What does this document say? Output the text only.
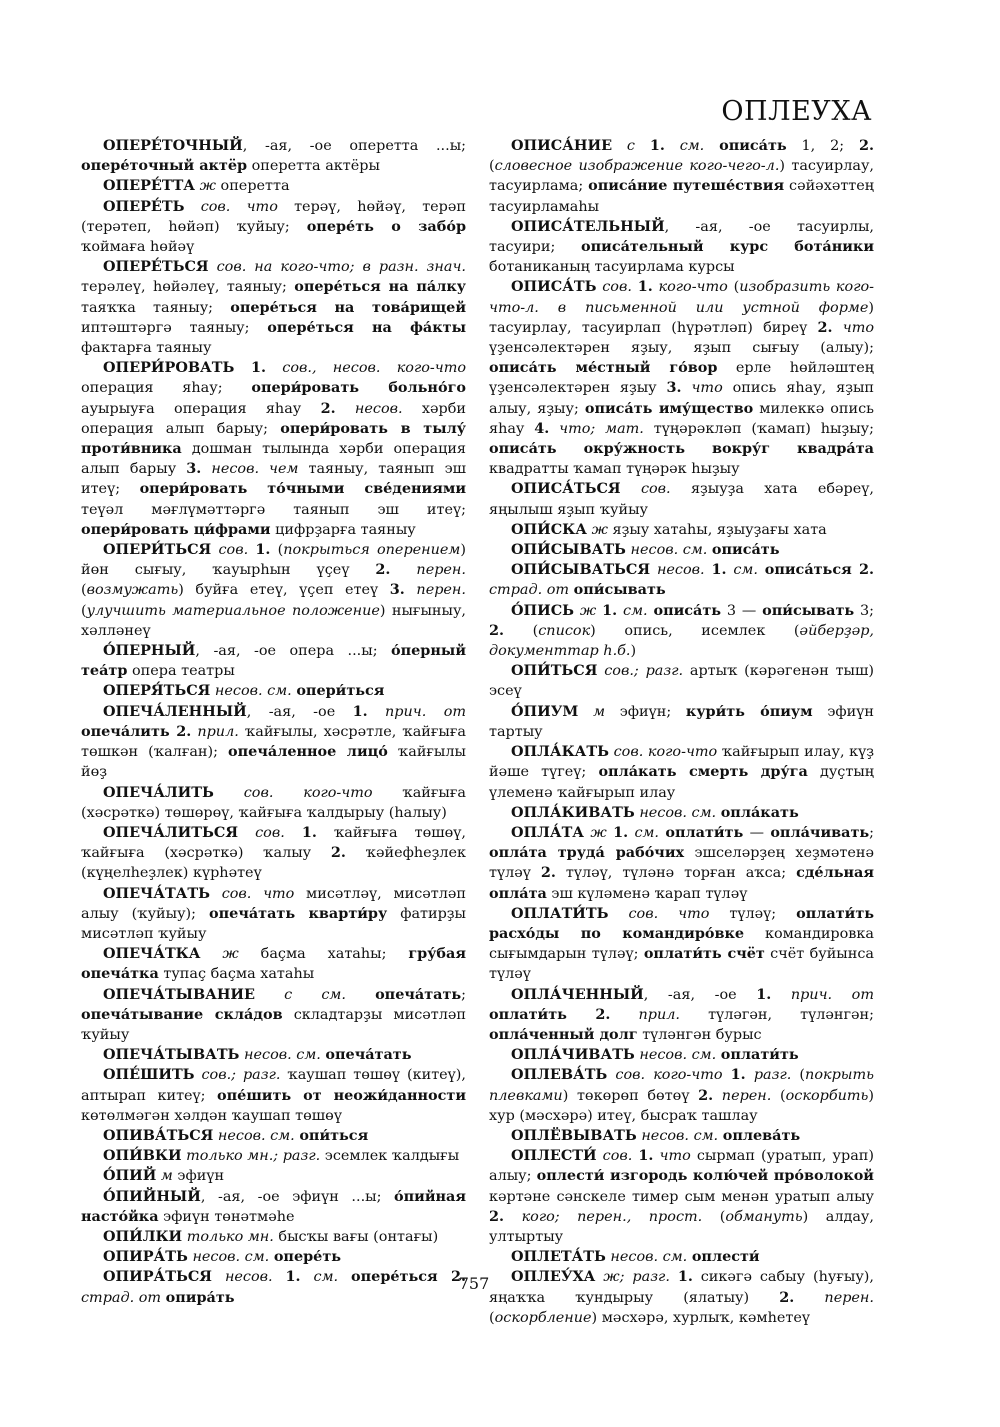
ОПЛЕУХА

ОПЕРЕ́ТОЧНЫЙ, -ая, -ое оперетта ...ы; опере́точный актёр оперетта актёры

ОПЕРЕ́ТТА ж оперетта

ОПЕРЕ́ТЬ сов. что терәү, һөйәү, терәп (терәтеп, һөйәп) ҡуйыу; опере́ть о забо́р ҡоймаға һөйәү

ОПЕРЕ́ТЬСЯ сов. на кого-что; в разн. знач. терәлеү, һөйәлеү, таяныу; опере́ться на па́лку таяҡҡа таяныу; опере́ться на това́рищей иптәштәргә таяныу; опере́ться на фа́кты фактарға таяныу

ОПЕРИ́РОВАТЬ 1. сов., несов. кого-что операция яһау; опери́ровать больно́го ауырыуға операция яһау 2. несов. хәрби операция алып барыу; опери́ровать в тылу́ проти́вника дошман тылында хәрби операция алып барыу 3. несов. чем таяныу, таянып эш итеү; опери́ровать то́чными све́дениями теүәл мәғлүмәттәргә таянып эш итеү; опери́ровать ци́фрами цифрҙарға таяныу

ОПЕРИ́ТЬСЯ сов. 1. (покрыться оперением) йөн сығыу, ҡауырһын үҫеү 2. перен. (возмужать) буйға етеү, үҫеп етеү 3. перен. (улучшить материальное положение) нығыныу, хәлләнеү

О́ПЕРНЫЙ, -ая, -ое опера ...ы; о́перный теа́тр опера театры

ОПЕРЯ́ТЬСЯ несов. см. опери́ться

ОПЕЧА́ЛЕННЫЙ, -ая, -ое 1. прич. от опеча́лить 2. прил. ҡайғылы, хәсрәтле, ҡайғыға төшкән (ҡалған); опеча́ленное лицо́ ҡайғылы йөҙ

ОПЕЧА́ЛИТЬ сов. кого-что ҡайғыға (хәсрәткә) төшөрөү, ҡайғыға ҡалдырыу (һалыу)

ОПЕЧА́ЛИТЬСЯ сов. 1. ҡайғыға төшөү, ҡайғыға (хәсрәткә) ҡалыу 2. ҡәйефһеҙлек (күңелһеҙлек) күрһәтеү

ОПЕЧА́ТАТЬ сов. что мисәтләү, мисәтләп алыу (ҡуйыу); опеча́тать кварти́ру фатирҙы мисәтләп ҡуйыу

ОПЕЧА́ТКА ж баҫма хатаһы; гру́бая опеча́тка тупаҫ баҫма хатаһы

ОПЕЧА́ТЫВАНИЕ с см. опеча́тать; опеча́тывание скла́дов складтарҙы мисәтләп ҡуйыу

ОПЕЧА́ТЫВАТЬ несов. см. опеча́тать

ОПЕ́ШИТЬ сов.; разг. ҡаушап төшөү (китеү), аптырап китеү; опе́шить от неожи́данности көтөлмәгән хәлдән ҡаушап төшөү

ОПИВА́ТЬСЯ несов. см. опи́ться

ОПИ́ВКИ только мн.; разг. эсемлек ҡалдығы

О́ПИЙ м эфиүн

О́ПИЙНЫЙ, -ая, -ое эфиүн ...ы; о́пийная насто́йка эфиүн төнәтмәһе

ОПИ́ЛКИ только мн. бысҡы вағы (онтағы)

ОПИРА́ТЬ несов. см. опере́ть

ОПИРА́ТЬСЯ несов. 1. см. опере́ться 2. страд. от опира́ть

ОПИСА́НИЕ с 1. см. описа́ть 1, 2; 2. (словесное изображение кого-чего-л.) тасуирлау, тасуирлама; описа́ние путеше́ствия сәйәхәттең тасуирламаһы

ОПИСА́ТЕЛЬНЫЙ, -ая, -ое тасуирлы, тасуири; описа́тельный курс бота́ники ботаниканың тасуирлама курсы

ОПИСА́ТЬ сов. 1. кого-что (изобразить кого-что-л. в письменной или устной форме) тасуирлау, тасуирлап (һүрәтләп) биреү 2. что үҙенсәлектәрен яҙыу, яҙып сығыу (алыу); описа́ть ме́стный го́вор ерле һөйләштең үҙенсәлектәрен яҙыу 3. что опись яһау, яҙып алыу, яҙыу; описа́ть иму́щество милеккә опись яһау 4. что; мат. түңәрәкләп (ҡамап) һыҙыу; описа́ть окру́жность вокру́г квадра́та квадратты ҡамап түңәрәк һыҙыу

ОПИСА́ТЬСЯ сов. яҙыуҙа хата ебәреү, яңылыш яҙып ҡуйыу

ОПИ́СКА ж яҙыу хатаһы, яҙыуҙағы хата

ОПИ́СЫВАТЬ несов. см. описа́ть

ОПИ́СЫВАТЬСЯ несов. 1. см. описа́ться 2. страд. от опи́сывать

О́ПИСЬ ж 1. см. описа́ть 3 — опи́сывать 3; 2. (список) опись, исемлек (әйберҙәр, документтар һ.б.)

ОПИ́ТЬСЯ сов.; разг. артыҡ (кәрәгенән тыш) эсеү

О́ПИУМ м эфиүн; кури́ть о́пиум эфиүн тартыу

ОПЛА́КАТЬ сов. кого-что ҡайғырып илау, күҙ йәше түгеү; опла́кать смерть дру́га дуҫтың үлеменә ҡайғырып илау

ОПЛА́КИВАТЬ несов. см. опла́кать

ОПЛА́ТА ж 1. см. оплати́ть — опла́чивать; опла́та труда́ рабо́чих эшселәрҙең хеҙмәтенә түләү 2. түләү, түләнә торған аҡса; сде́льная опла́та эш күләменә ҡарап түләү

ОПЛАТИ́ТЬ сов. что түләү; оплати́ть расхо́ды по командиро́вке командировка сығымдарын түләү; оплати́ть счёт счёт буйынса түләү

ОПЛА́ЧЕННЫЙ, -ая, -ое 1. прич. от оплати́ть 2. прил. түләгән, түләнгән; опла́ченный долг түләнгән бурыс

ОПЛА́ЧИВАТЬ несов. см. оплати́ть

ОПЛЕВА́ТЬ сов. кого-что 1. разг. (покрыть плевками) төкөрөп бөтөү 2. перен. (оскорбить) хур (мәсхәрә) итеү, бысраҡ ташлау

ОПЛЁВЫВАТЬ несов. см. оплева́ть

ОПЛЕСТИ́ сов. 1. что сырмап (уратып, урап) алыу; оплести́ изгородь колю́чей про́волокой кәртәне сәнскеле тимер сым менән уратып алыу 2. кого; перен., прост. (обмануть) алдау, ултыртыу

ОПЛЕТА́ТЬ несов. см. оплести́

ОПЛЕУ́ХА ж; разг. 1. сикәгә сабыу (һуғыу), яңаҡҡа ҡундырыу (ялатыу) 2. перен. (оскорбление) мәсхәрә, хурлыҡ, кәмһетеү

757
